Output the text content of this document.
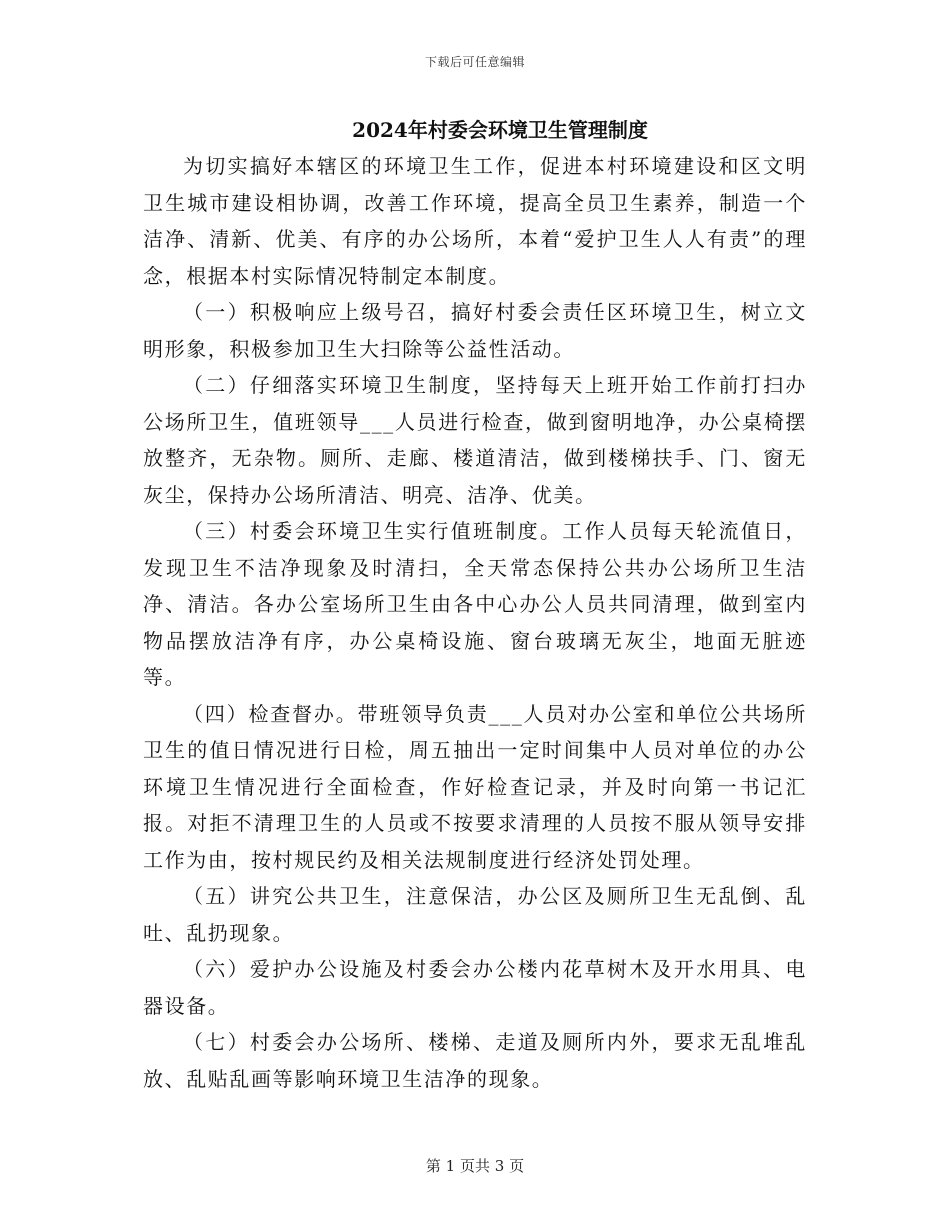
下载后可任意编辑
2024年村委会环境卫生管理制度

为切实搞好本辖区的环境卫生工作，促进本村环境建设和区文明卫生城市建设相协调，改善工作环境，提高全员卫生素养，制造一个洁净、清新、优美、有序的办公场所，本着“爱护卫生人人有责”的理念，根据本村实际情况特制定本制度。

（一）积极响应上级号召，搞好村委会责任区环境卫生，树立文明形象，积极参加卫生大扫除等公益性活动。

（二）仔细落实环境卫生制度，坚持每天上班开始工作前打扫办公场所卫生，值班领导___人员进行检查，做到窗明地净，办公桌椅摆放整齐，无杂物。厕所、走廊、楼道清洁，做到楼梯扶手、门、窗无灰尘，保持办公场所清洁、明亮、洁净、优美。

（三）村委会环境卫生实行值班制度。工作人员每天轮流值日，发现卫生不洁净现象及时清扫，全天常态保持公共办公场所卫生洁净、清洁。各办公室场所卫生由各中心办公人员共同清理，做到室内物品摆放洁净有序，办公桌椅设施、窗台玻璃无灰尘，地面无脏迹等。

（四）检查督办。带班领导负责___人员对办公室和单位公共场所卫生的值日情况进行日检，周五抽出一定时间集中人员对单位的办公环境卫生情况进行全面检查，作好检查记录，并及时向第一书记汇报。对拒不清理卫生的人员或不按要求清理的人员按不服从领导安排工作为由，按村规民约及相关法规制度进行经济处罚处理。

（五）讲究公共卫生，注意保洁，办公区及厕所卫生无乱倒、乱吐、乱扔现象。

（六）爱护办公设施及村委会办公楼内花草树木及开水用具、电器设备。

（七）村委会办公场所、楼梯、走道及厕所内外，要求无乱堆乱放、乱贴乱画等影响环境卫生洁净的现象。

第 1 页共 3 页
